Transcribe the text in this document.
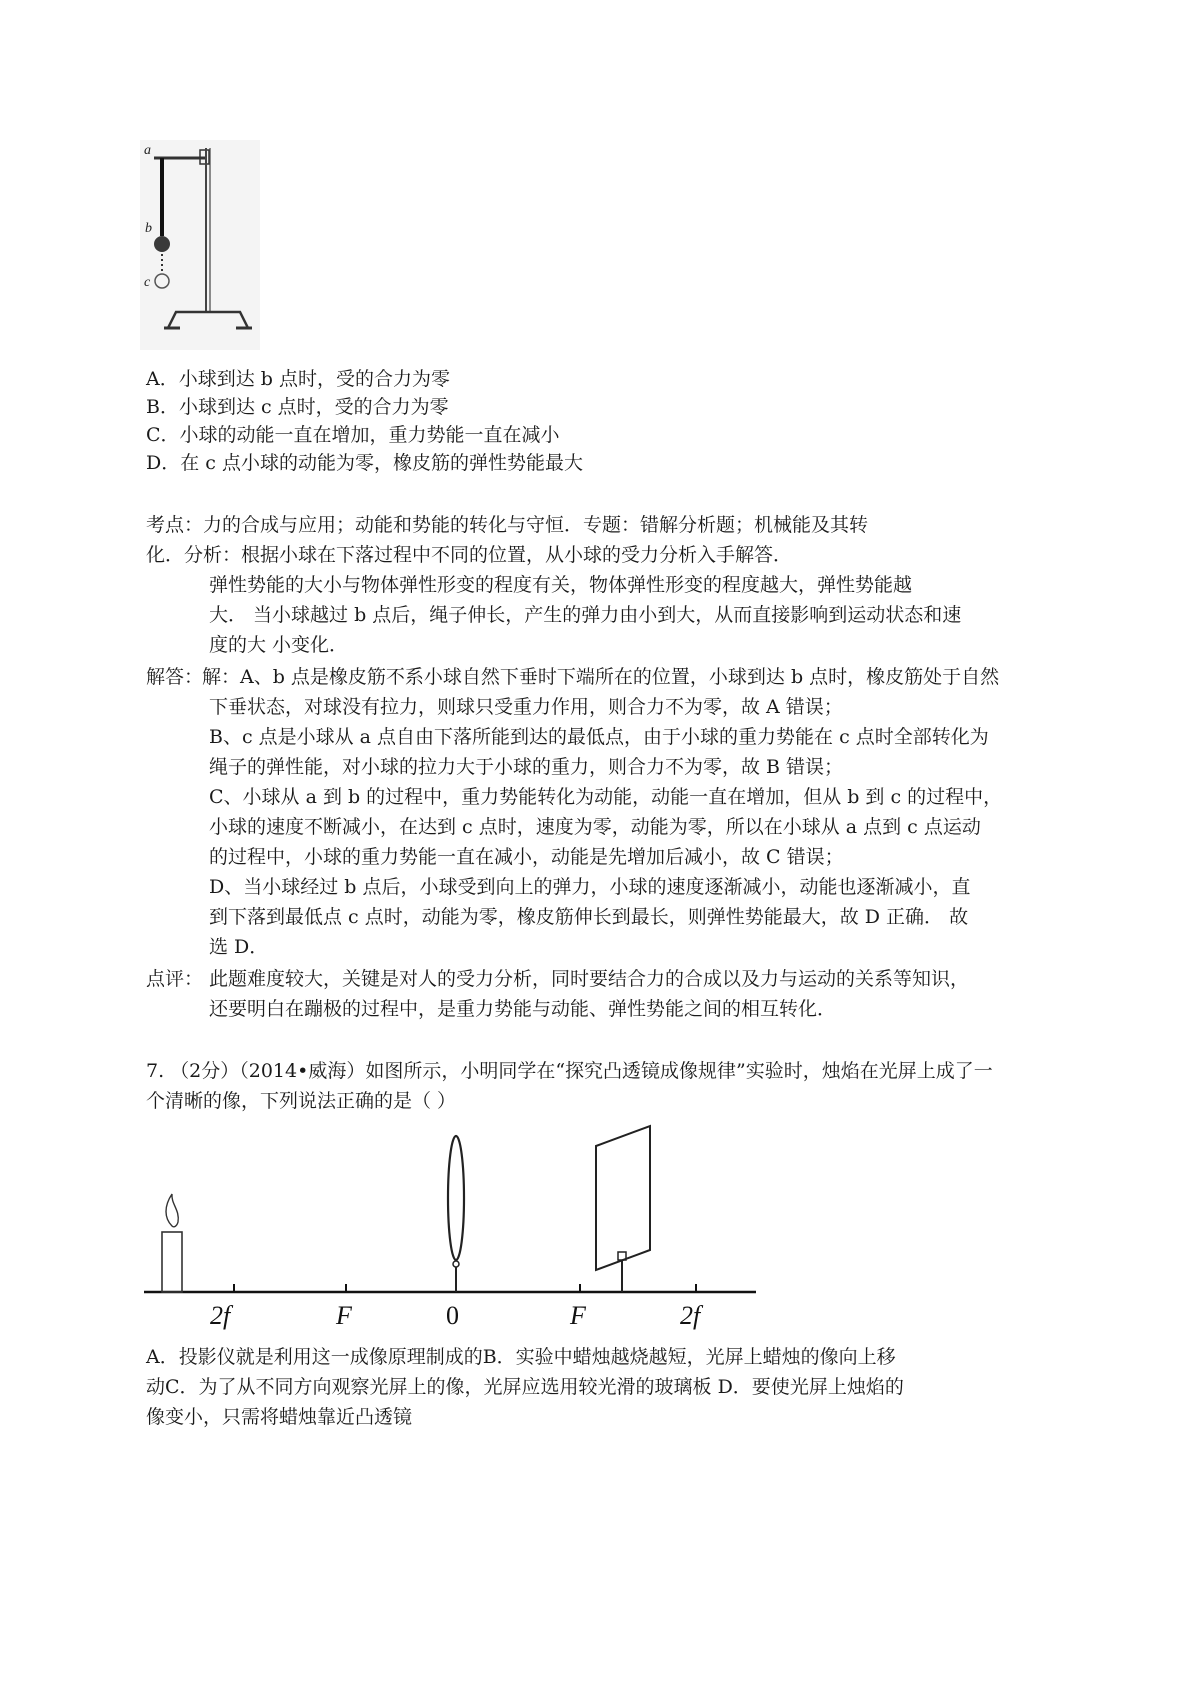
a
b
c
A．小球到达 b 点时，受的合力为零
B．小球到达 c 点时，受的合力为零
C．小球的动能一直在增加，重力势能一直在减小
D．在 c 点小球的动能为零，橡皮筋的弹性势能最大
考点：力的合成与应用；动能和势能的转化与守恒．专题：错解分析题；机械能及其转
化．分析：根据小球在下落过程中不同的位置，从小球的受力分析入手解答．
弹性势能的大小与物体弹性形变的程度有关，物体弹性形变的程度越大，弹性势能越
大． 当小球越过 b 点后，绳子伸长，产生的弹力由小到大，从而直接影响到运动状态和速
度的大 小变化．
解答：
解：A、b 点是橡皮筋不系小球自然下垂时下端所在的位置，小球到达 b 点时，橡皮筋处于自然
下垂状态，对球没有拉力，则球只受重力作用，则合力不为零，故 A 错误；
B、c 点是小球从 a 点自由下落所能到达的最低点，由于小球的重力势能在 c 点时全部转化为
绳子的弹性能，对小球的拉力大于小球的重力，则合力不为零，故 B 错误；
C、小球从 a 到 b 的过程中，重力势能转化为动能，动能一直在增加，但从 b 到 c 的过程中，
小球的速度不断减小，在达到 c 点时，速度为零，动能为零，所以在小球从 a 点到 c 点运动
的过程中，小球的重力势能一直在减小，动能是先增加后减小，故 C 错误；
D、当小球经过 b 点后，小球受到向上的弹力，小球的速度逐渐减小，动能也逐渐减小，直
到下落到最低点 c 点时，动能为零，橡皮筋伸长到最长，则弹性势能最大，故 D 正确． 故
选 D．
点评： 此题难度较大，关键是对人的受力分析，同时要结合力的合成以及力与运动的关系等知识，
还要明白在蹦极的过程中，是重力势能与动能、弹性势能之间的相互转化．
7. （2分）（2014•威海）如图所示，小明同学在“探究凸透镜成像规律”实验时，烛焰在光屏上成了一
个清晰的像，下列说法正确的是（ ）
2f	F	0	F	2f
A．投影仪就是利用这一成像原理制成的B．实验中蜡烛越烧越短，光屏上蜡烛的像向上移
动C．为了从不同方向观察光屏上的像，光屏应选用较光滑的玻璃板 D．要使光屏上烛焰的
像变小，只需将蜡烛靠近凸透镜
